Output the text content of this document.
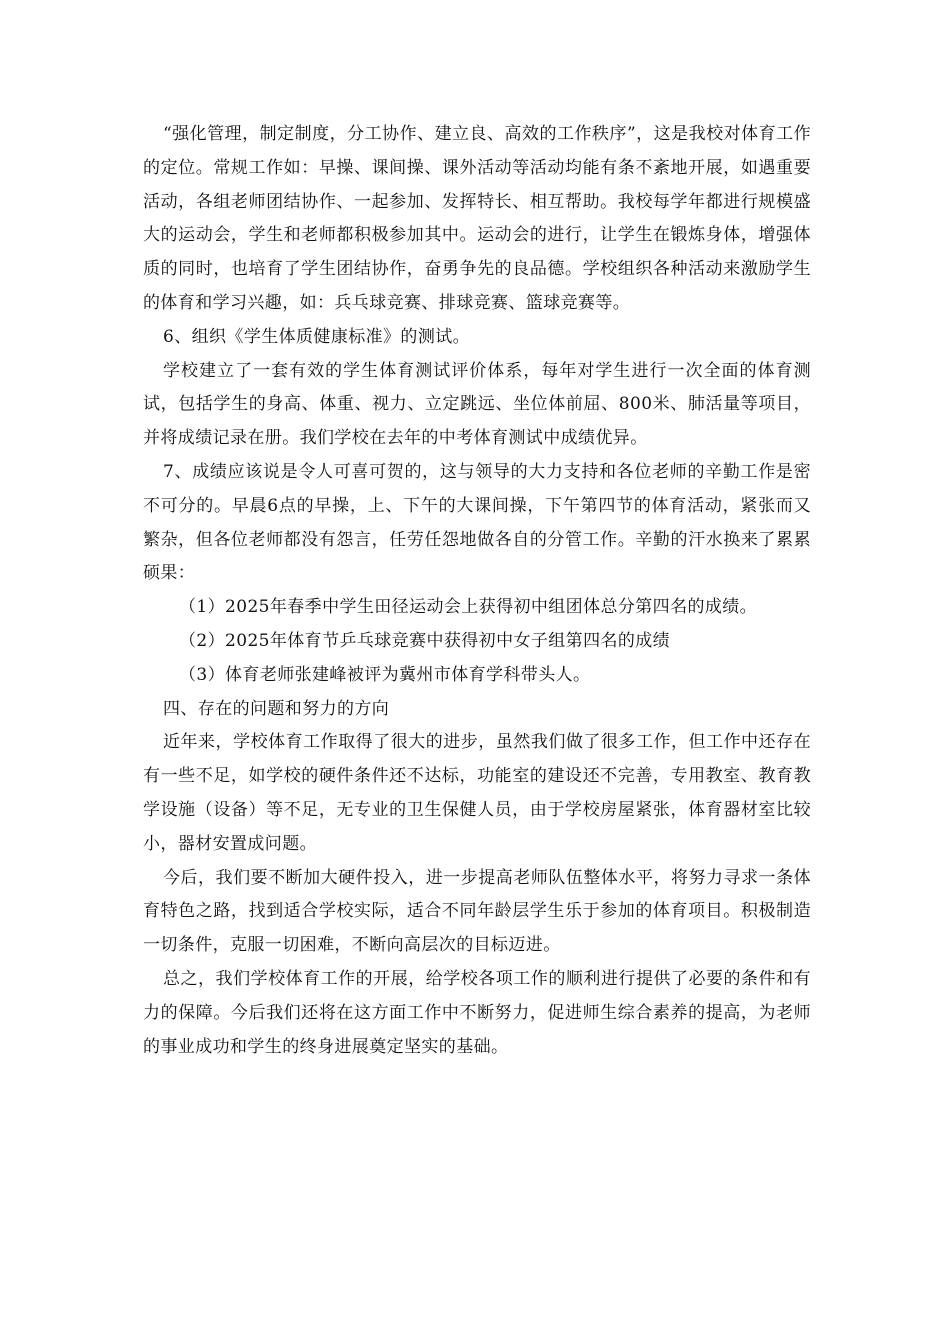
“强化管理，制定制度，分工协作、建立良、高效的工作秩序”，这是我校对体育工作的定位。常规工作如：早操、课间操、课外活动等活动均能有条不紊地开展，如遇重要活动，各组老师团结协作、一起参加、发挥特长、相互帮助。我校每学年都进行规模盛大的运动会，学生和老师都积极参加其中。运动会的进行，让学生在锻炼身体，增强体质的同时，也培育了学生团结协作，奋勇争先的良品德。学校组织各种活动来激励学生的体育和学习兴趣，如：兵乓球竞赛、排球竞赛、篮球竞赛等。

6、组织《学生体质健康标准》的测试。

学校建立了一套有效的学生体育测试评价体系，每年对学生进行一次全面的体育测试，包括学生的身高、体重、视力、立定跳远、坐位体前屈、800米、肺活量等项目，并将成绩记录在册。我们学校在去年的中考体育测试中成绩优异。

7、成绩应该说是令人可喜可贺的，这与领导的大力支持和各位老师的辛勤工作是密不可分的。早晨6点的早操，上、下午的大课间操，下午第四节的体育活动，紧张而又繁杂，但各位老师都没有怨言，任劳任怨地做各自的分管工作。辛勤的汗水换来了累累硕果：

（1）2025年春季中学生田径运动会上获得初中组团体总分第四名的成绩。

（2）2025年体育节乒乓球竞赛中获得初中女子组第四名的成绩

（3）体育老师张建峰被评为冀州市体育学科带头人。

四、存在的问题和努力的方向

近年来，学校体育工作取得了很大的进步，虽然我们做了很多工作，但工作中还存在有一些不足，如学校的硬件条件还不达标，功能室的建设还不完善，专用教室、教育教学设施（设备）等不足，无专业的卫生保健人员，由于学校房屋紧张，体育器材室比较小，器材安置成问题。

今后，我们要不断加大硬件投入，进一步提高老师队伍整体水平，将努力寻求一条体育特色之路，找到适合学校实际，适合不同年龄层学生乐于参加的体育项目。积极制造一切条件，克服一切困难，不断向高层次的目标迈进。

总之，我们学校体育工作的开展，给学校各项工作的顺利进行提供了必要的条件和有力的保障。今后我们还将在这方面工作中不断努力，促进师生综合素养的提高，为老师的事业成功和学生的终身进展奠定坚实的基础。
